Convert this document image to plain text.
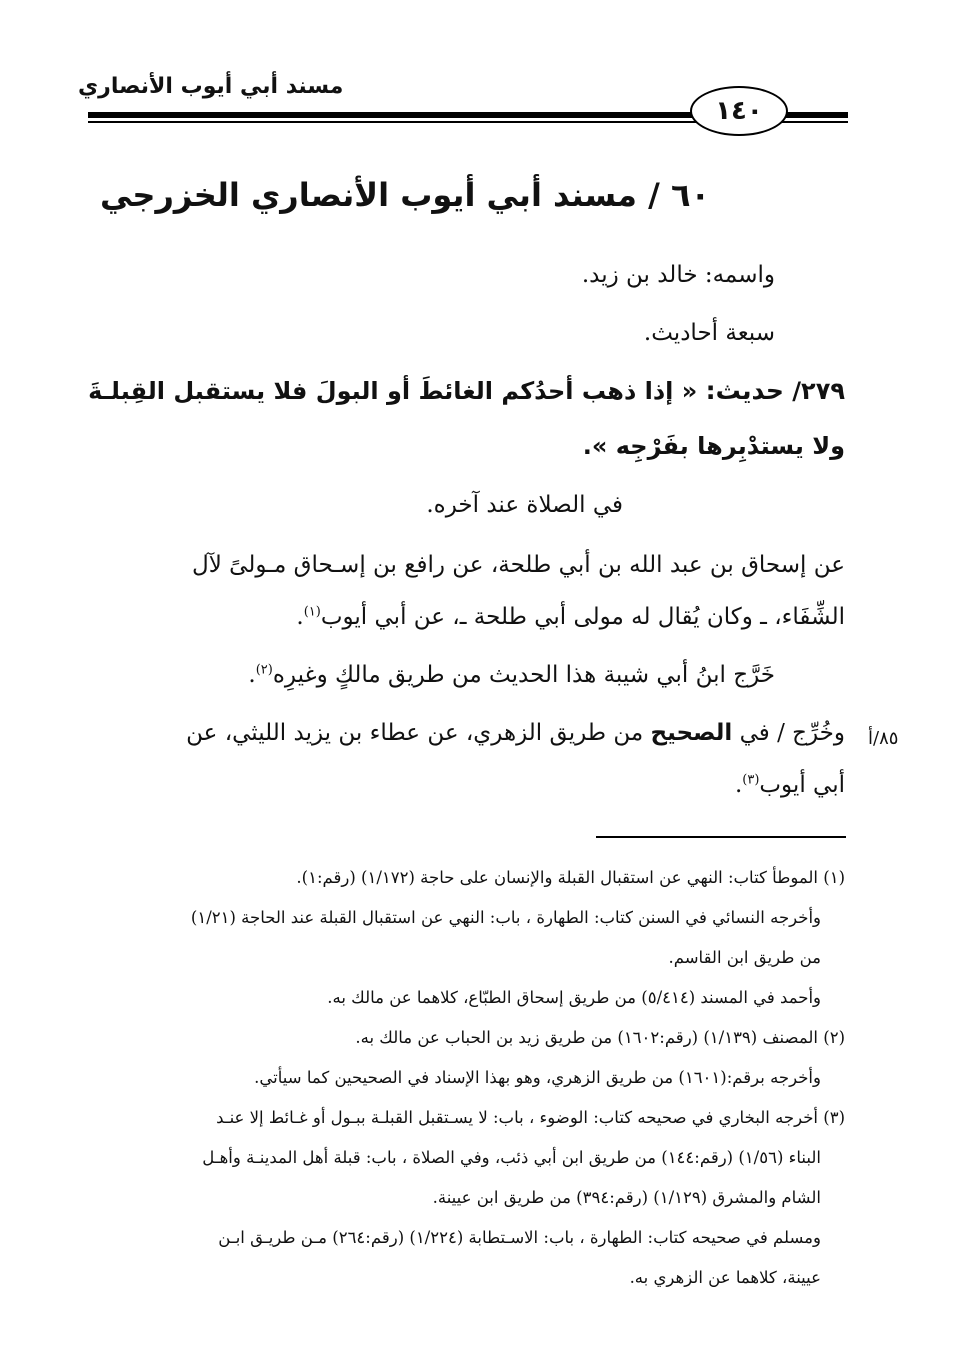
مسند أبي أيوب الأنصاري
١٤٠
٦٠ / مسند أبي أيوب الأنصاري الخزرجي
واسمه: خالد بن زيد.
سبعة أحاديث.
٢٧٩/ حديث: « إذا ذهب أحدُكم الغائطَ أو البولَ فلا يستقبل القِبلـةَ
ولا يستدْبِرها بفَرْجِه ».
في الصلاة عند آخره.
عن إسحاق بن عبد الله بن أبي طلحة، عن رافع بن إسـحاق مـولىً لآل
الشِّفَاء، ـ وكان يُقال له مولى أبي طلحة ـ، عن أبي أيوب$^{(١)}$.
خَرَّج ابنُ أبي شيبة هذا الحديث من طريق مالكٍ وغيرِه$^{(٢)}$.
وخُرِّج / في الصحيح من طريق الزهري، عن عطاء بن يزيد الليثي، عن
أبي أيوب$^{(٣)}$.
٨٥/أ
(١) الموطأ كتاب: النهي عن استقبال القبلة والإنسان على حاجة (١/١٧٢) (رقم:١).
وأخرجه النسائي في السنن كتاب: الطهارة ، باب: النهي عن استقبال القبلة عند الحاجة (١/٢١)
من طريق ابن القاسم.
وأحمد في المسند (٥/٤١٤) من طريق إسحاق الطبّاع، كلاهما عن مالك به.
(٢) المصنف (١/١٣٩) (رقم:١٦٠٢) من طريق زيد بن الحباب عن مالك به.
وأخرجه برقم:(١٦٠١) من طريق الزهري، وهو بهذا الإسناد في الصحيحين كما سيأتي.
(٣) أخرجه البخاري في صحيحه كتاب: الوضوء ، باب: لا يسـتقبل القبلـة ببـول أو غـائط إلا عنـد
البناء (١/٥٦) (رقم:١٤٤) من طريق ابن أبي ذئب، وفي الصلاة ، باب: قبلة أهل المدينـة وأهـل
الشام والمشرق (١/١٢٩) (رقم:٣٩٤) من طريق ابن عيينة.
ومسلم في صحيحه كتاب: الطهارة ، باب: الاسـتطابة (١/٢٢٤) (رقم:٢٦٤) مـن طريـق ابـن
عيينة، كلاهما عن الزهري به.
